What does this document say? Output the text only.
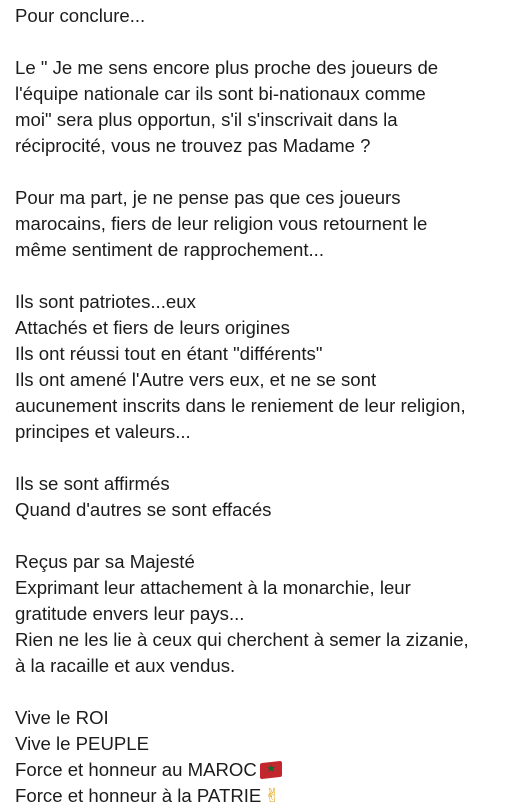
Pour conclure...
Le " Je me sens encore plus proche des joueurs de
l'équipe nationale car ils sont bi-nationaux comme
moi" sera plus opportun, s'il s'inscrivait dans la
réciprocité, vous ne trouvez pas Madame ?
Pour ma part, je ne pense pas que ces joueurs
marocains, fiers de leur religion vous retournent le
même sentiment de rapprochement...
Ils sont patriotes...eux
Attachés et fiers de leurs origines
Ils ont réussi tout en étant "différents"
Ils ont amené l'Autre vers eux, et ne se sont
aucunement inscrits dans le reniement de leur religion,
principes et valeurs...
Ils se sont affirmés
Quand d'autres se sont effacés
Reçus par sa Majesté
Exprimant leur attachement à la monarchie, leur
gratitude envers leur pays...
Rien ne les lie à ceux qui cherchent à semer la zizanie,
à la racaille et aux vendus.
Vive le ROI
Vive le PEUPLE
Force et honneur au MAROC★
Force et honneur à la PATRIE ✌
